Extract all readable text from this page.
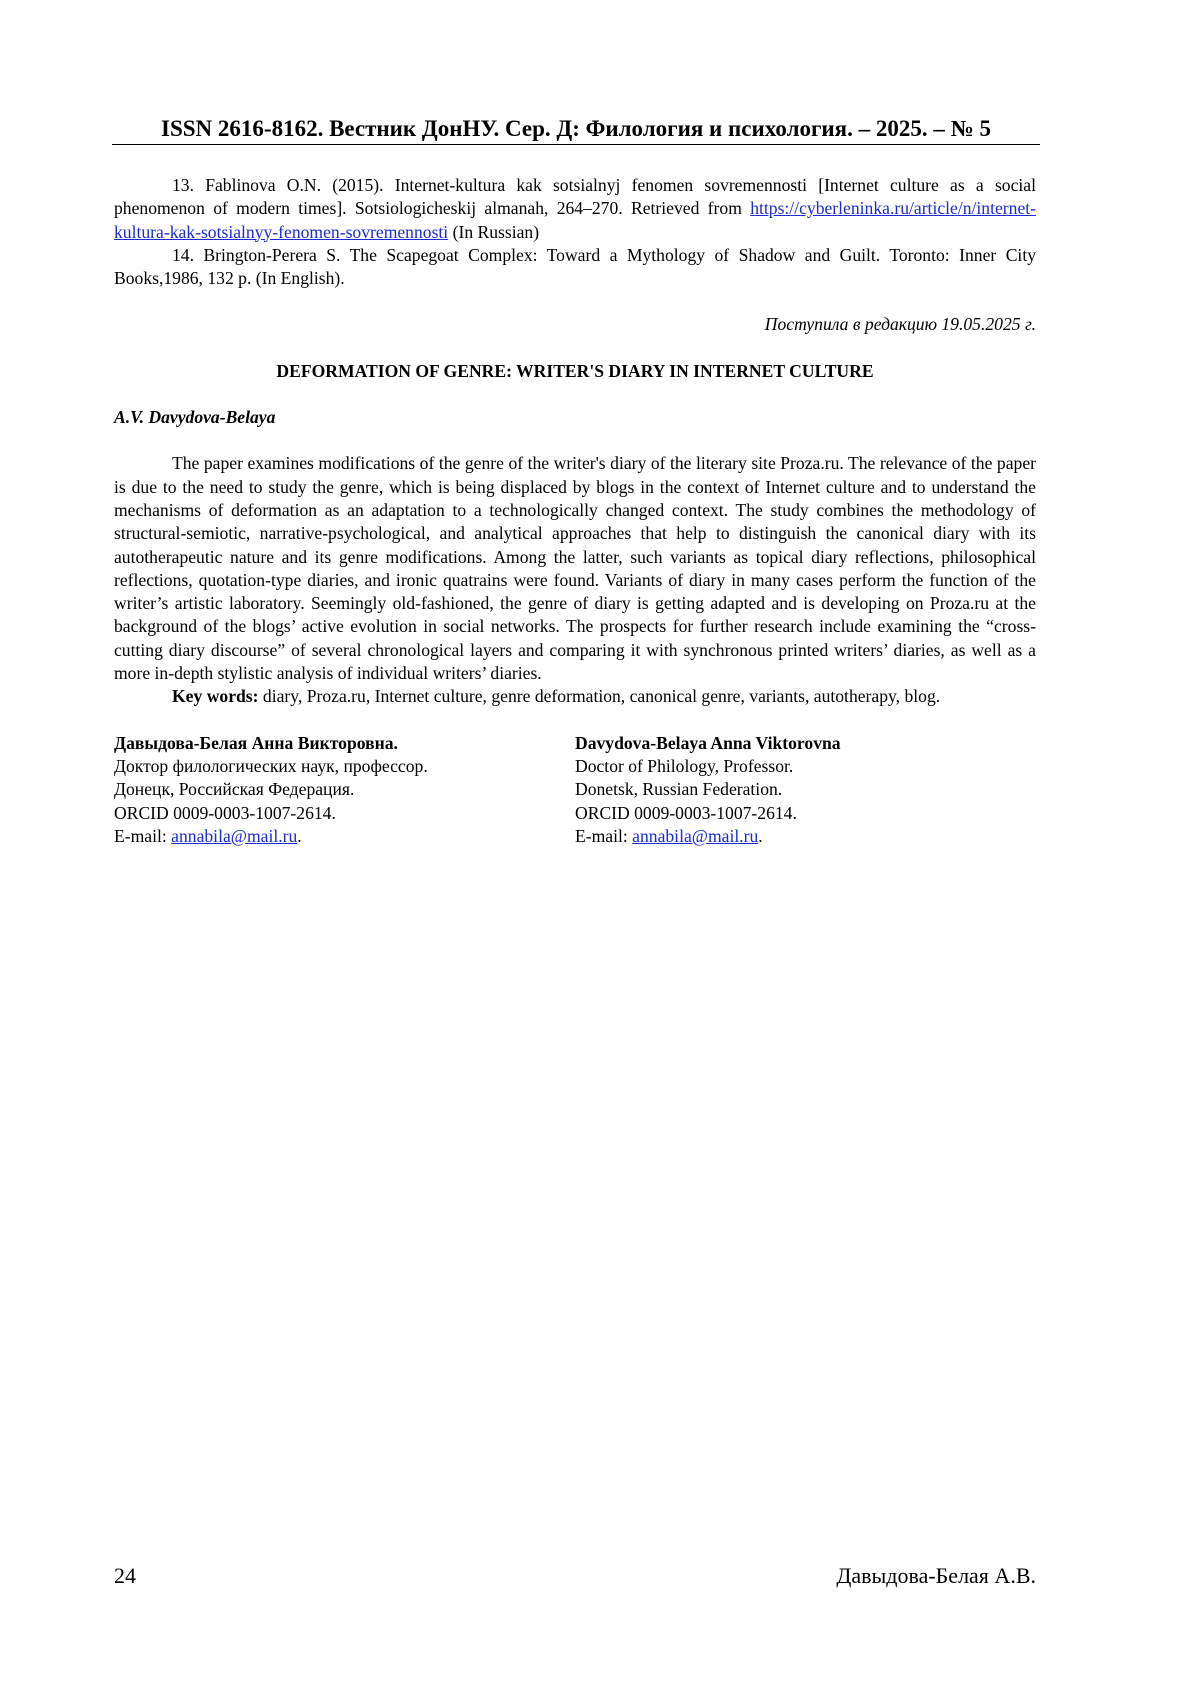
ISSN 2616-8162. Вестник ДонНУ. Сер. Д: Филология и психология. – 2025. – № 5

13. Fablinova O.N. (2015). Internet-kultura kak sotsialnyj fenomen sovremennosti [Internet culture as a social phenomenon of modern times]. Sotsiologicheskij almanah, 264–270. Retrieved from https://cyberleninka.ru/article/n/internet-kultura-kak-sotsialnyy-fenomen-sovremennosti (In Russian)

14. Brington-Perera S. The Scapegoat Complex: Toward a Mythology of Shadow and Guilt. Toronto: Inner City Books,1986, 132 p. (In English).

Поступила в редакцию 19.05.2025 г.

DEFORMATION OF GENRE: WRITER'S DIARY IN INTERNET CULTURE

A.V. Davydova-Belaya

The paper examines modifications of the genre of the writer's diary of the literary site Proza.ru. The relevance of the paper is due to the need to study the genre, which is being displaced by blogs in the context of Internet culture and to understand the mechanisms of deformation as an adaptation to a technologically changed context. The study combines the methodology of structural-semiotic, narrative-psychological, and analytical approaches that help to distinguish the canonical diary with its autotherapeutic nature and its genre modifications. Among the latter, such variants as topical diary reflections, philosophical reflections, quotation-type diaries, and ironic quatrains were found. Variants of diary in many cases perform the function of the writer’s artistic laboratory. Seemingly old-fashioned, the genre of diary is getting adapted and is developing on Proza.ru at the background of the blogs’ active evolution in social networks. The prospects for further research include examining the “cross-cutting diary discourse” of several chronological layers and comparing it with synchronous printed writers’ diaries, as well as a more in-depth stylistic analysis of individual writers’ diaries.

Key words: diary, Proza.ru, Internet culture, genre deformation, canonical genre, variants, autotherapy, blog.

Давыдова-Белая Анна Викторовна.
Доктор филологических наук, профессор.
Донецк, Российская Федерация.
ORCID 0009-0003-1007-2614.
E-mail: annabila@mail.ru.
Davydova-Belaya Anna Viktorovna
Doctor of Philology, Professor.
Donetsk, Russian Federation.
ORCID 0009-0003-1007-2614.
E-mail: annabila@mail.ru.
24	Давыдова-Белая А.В.
